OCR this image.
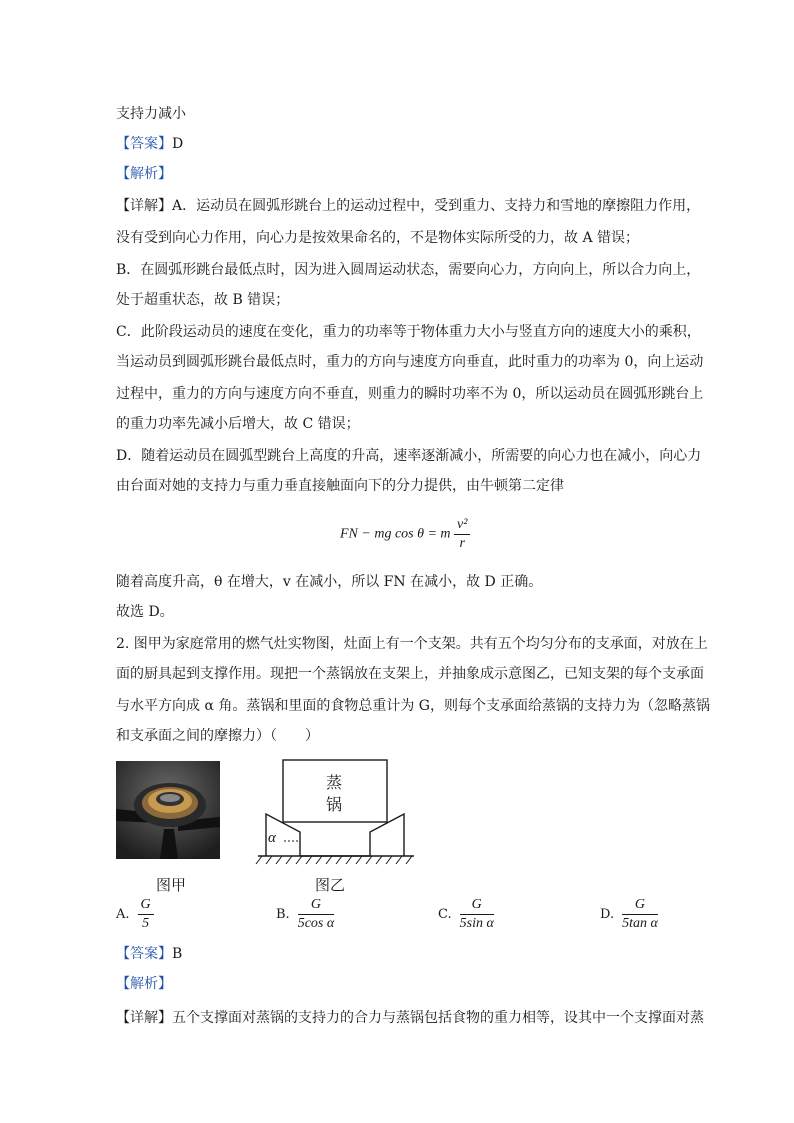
支持力减小
【答案】D
【解析】
【详解】A．运动员在圆弧形跳台上的运动过程中，受到重力、支持力和雪地的摩擦阻力作用，
没有受到向心力作用，向心力是按效果命名的，不是物体实际所受的力，故 A 错误；
B．在圆弧形跳台最低点时，因为进入圆周运动状态，需要向心力，方向向上，所以合力向上，
处于超重状态，故 B 错误；
C．此阶段运动员的速度在变化，重力的功率等于物体重力大小与竖直方向的速度大小的乘积，
当运动员到圆弧形跳台最低点时，重力的方向与速度方向垂直，此时重力的功率为 0，向上运动
过程中，重力的方向与速度方向不垂直，则重力的瞬时功率不为 0，所以运动员在圆弧形跳台上
的重力功率先减小后增大，故 C 错误；
D．随着运动员在圆弧型跳台上高度的升高，速率逐渐减小，所需要的向心力也在减小，向心力
由台面对她的支持力与重力垂直接触面向下的分力提供，由牛顿第二定律
FN − mg cos θ = m $\frac{\text{v²}}{r}$
随着高度升高，θ 在增大，v 在减小，所以 FN 在减小，故 D 正确。
故选 D。
2. 图甲为家庭常用的燃气灶实物图，灶面上有一个支架。共有五个均匀分布的支承面，对放在上
面的厨具起到支撑作用。现把一个蒸锅放在支架上，并抽象成示意图乙，已知支架的每个支承面
与水平方向成 α 角。蒸锅和里面的食物总重计为 G，则每个支承面给蒸锅的支持力为（忽略蒸锅
和支承面之间的摩擦力）（　　）
蒸
锅
α
图甲	图乙
A. $\frac{G}{5}$	B. $\frac{G}{\text{5cos α}}$	C. $\frac{G}{\text{5sin α}}$	D. $\frac{G}{\text{5tan α}}$
【答案】B
【解析】
【详解】五个支撑面对蒸锅的支持力的合力与蒸锅包括食物的重力相等，设其中一个支撑面对蒸
